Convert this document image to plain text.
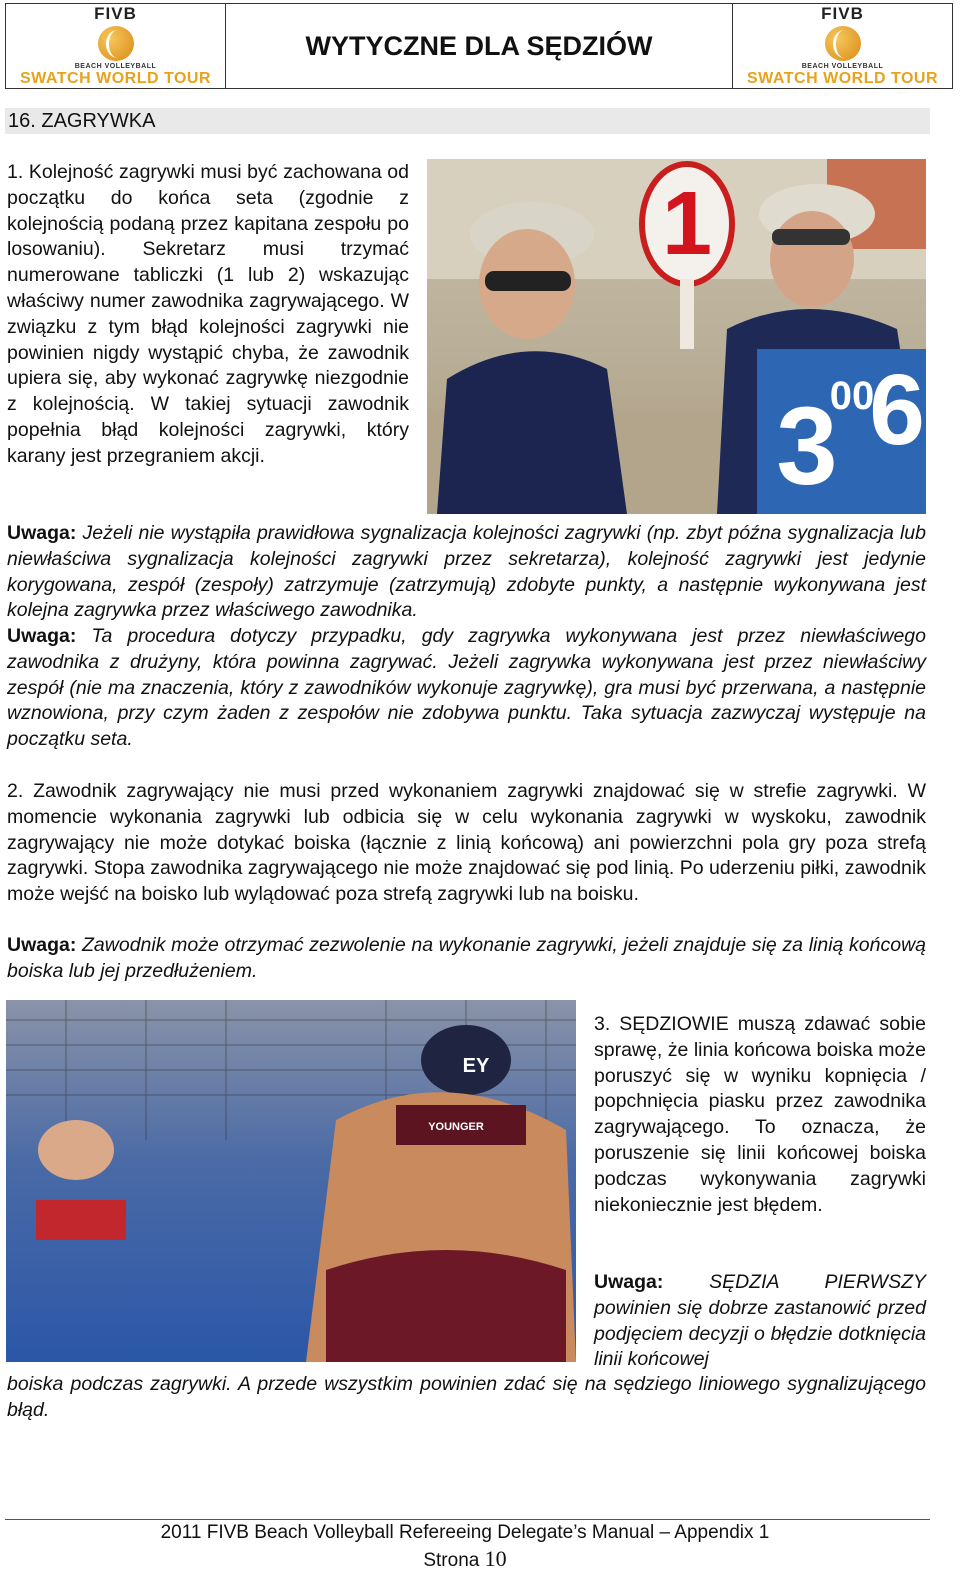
FIVB
BEACH VOLLEYBALL
SWATCH WORLD TOUR
WYTYCZNE DLA SĘDZIÓW
FIVB
BEACH VOLLEYBALL
SWATCH WORLD TOUR
16. ZAGRYWKA
1. Kolejność zagrywki musi być zachowana od początku do końca seta (zgodnie z kolejnością podaną przez kapitana zespołu po losowaniu). Sekretarz musi trzymać numerowane tabliczki (1 lub 2) wskazując właściwy numer zawodnika zagrywającego. W związku z tym błąd kolejności zagrywki nie powinien nigdy wystąpić chyba, że zawodnik upiera się, aby wykonać zagrywkę niezgodnie z kolejnością. W takiej sytuacji zawodnik popełnia błąd kolejności zagrywki, który karany jest przegraniem akcji.
1
3 6
00
Uwaga: Jeżeli nie wystąpiła prawidłowa sygnalizacja kolejności zagrywki (np. zbyt późna sygnalizacja lub niewłaściwa sygnalizacja kolejności zagrywki przez sekretarza), kolejność zagrywki jest jedynie korygowana, zespół (zespoły) zatrzymuje (zatrzymują) zdobyte punkty, a następnie wykonywana jest kolejna zagrywka przez właściwego zawodnika.
Uwaga: Ta procedura dotyczy przypadku, gdy zagrywka wykonywana jest przez niewłaściwego zawodnika z drużyny, która powinna zagrywać. Jeżeli zagrywka wykonywana jest przez niewłaściwy zespół (nie ma znaczenia, który z zawodników wykonuje zagrywkę), gra musi być przerwana, a następnie wznowiona, przy czym żaden z zespołów nie zdobywa punktu. Taka sytuacja zazwyczaj występuje na początku seta.
2. Zawodnik zagrywający nie musi przed wykonaniem zagrywki znajdować się w strefie zagrywki. W momencie wykonania zagrywki lub odbicia się w celu wykonania zagrywki w wyskoku, zawodnik zagrywający nie może dotykać boiska (łącznie z linią końcową) ani powierzchni pola gry poza strefą zagrywki. Stopa zawodnika zagrywającego nie może znajdować się pod linią. Po uderzeniu piłki, zawodnik może wejść na boisko lub wylądować poza strefą zagrywki lub na boisku.
Uwaga: Zawodnik może otrzymać zezwolenie na wykonanie zagrywki, jeżeli znajduje się za linią końcową boiska lub jej przedłużeniem.
EY
YOUNGER
3. SĘDZIOWIE muszą zdawać sobie sprawę, że linia końcowa boiska może poruszyć się w wyniku kopnięcia / popchnięcia piasku przez zawodnika zagrywającego. To oznacza, że poruszenie się linii końcowej boiska podczas wykonywania zagrywki niekoniecznie jest błędem.
Uwaga: SĘDZIA PIERWSZY powinien się dobrze zastanowić przed podjęciem decyzji o błędzie dotknięcia linii końcowej
boiska podczas zagrywki. A przede wszystkim powinien zdać się na sędziego liniowego sygnalizującego błąd.
2011 FIVB Beach Volleyball Refereeing Delegate’s Manual – Appendix 1
Strona 10
